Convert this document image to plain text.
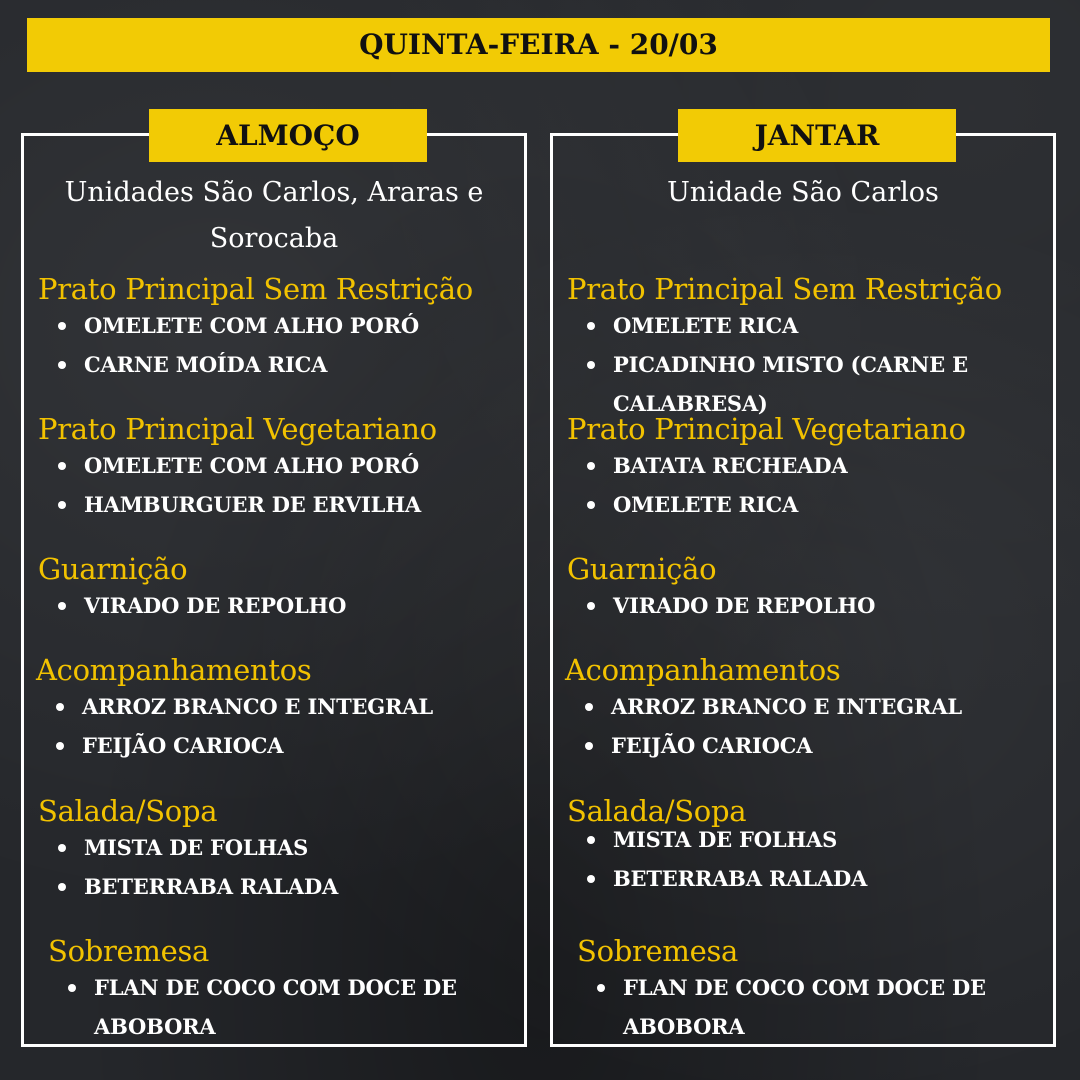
QUINTA-FEIRA - 20/03
ALMOÇO
Unidades São Carlos, Araras e Sorocaba
Prato Principal Sem Restrição
OMELETE COM ALHO PORÓ
CARNE MOÍDA RICA
Prato Principal Vegetariano
OMELETE COM ALHO PORÓ
HAMBURGUER DE ERVILHA
Guarnição
VIRADO DE REPOLHO
Acompanhamentos
ARROZ BRANCO E INTEGRAL
FEIJÃO CARIOCA
Salada/Sopa
MISTA DE FOLHAS
BETERRABA RALADA
Sobremesa
FLAN DE COCO COM DOCE DE ABOBORA
JANTAR
Unidade São Carlos
Prato Principal Sem Restrição
OMELETE RICA
PICADINHO MISTO (CARNE E CALABRESA)
Prato Principal Vegetariano
BATATA RECHEADA
OMELETE RICA
Guarnição
VIRADO DE REPOLHO
Acompanhamentos
ARROZ BRANCO E INTEGRAL
FEIJÃO CARIOCA
Salada/Sopa
MISTA DE FOLHAS
BETERRABA RALADA
Sobremesa
FLAN DE COCO COM DOCE DE ABOBORA
